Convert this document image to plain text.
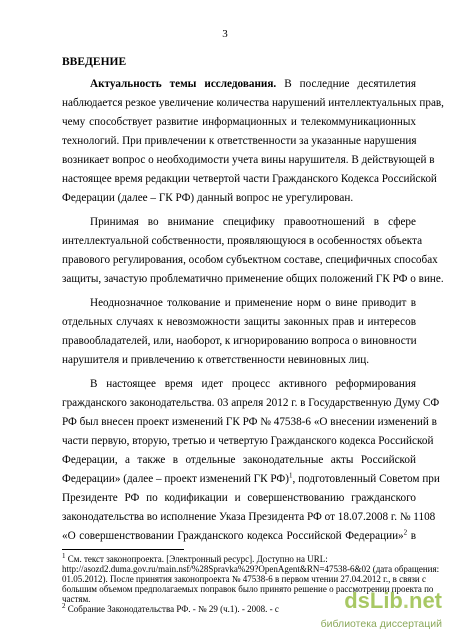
3
ВВЕДЕНИЕ
Актуальность темы исследования. В последние десятилетия
наблюдается резкое увеличение количества нарушений интеллектуальных прав,
чему способствует развитие информационных и телекоммуникационных
технологий. При привлечении к ответственности за указанные нарушения
возникает вопрос о необходимости учета вины нарушителя. В действующей в
настоящее время редакции четвертой части Гражданского Кодекса Российской
Федерации (далее – ГК РФ) данный вопрос не урегулирован.
Принимая во внимание специфику правоотношений в сфере
интеллектуальной собственности, проявляющуюся в особенностях объекта
правового регулирования, особом субъектном составе, специфичных способах
защиты, зачастую проблематично применение общих положений ГК РФ о вине.
Неоднозначное толкование и применение норм о вине приводит в
отдельных случаях к невозможности защиты законных прав и интересов
правообладателей, или, наоборот, к игнорированию вопроса о виновности
нарушителя и привлечению к ответственности невиновных лиц.
В настоящее время идет процесс активного реформирования
гражданского законодательства. 03 апреля 2012 г. в Государственную Думу СФ
РФ был внесен проект изменений ГК РФ № 47538-6 «О внесении изменений в
части первую, вторую, третью и четвертую Гражданского кодекса Российской
Федерации, а также в отдельные законодательные акты Российской
Федерации» (далее – проект изменений ГК РФ)$^1$, подготовленный Советом при
Президенте РФ по кодификации и совершенствованию гражданского
законодательства во исполнение Указа Президента РФ от 18.07.2008 г. № 1108
«О совершенствовании Гражданского кодекса Российской Федерации»$^2$ в
$^1$ См. текст законопроекта. [Электронный ресурс]. Доступно на URL:
http://asozd2.duma.gov.ru/main.nsf/%28Spravka%29?OpenAgent&RN=47538-6&02 (дата обращения:
01.05.2012). После принятия законопроекта № 47538-6 в первом чтении 27.04.2012 г., в связи с
большим объемом предполагаемых поправок было принято решение о рассмотрении проекта по
частям.
$^2$ Собрание Законодательства РФ. - № 29 (ч.1). - 2008. - с	dsLib.net
библиотека диссертаций
